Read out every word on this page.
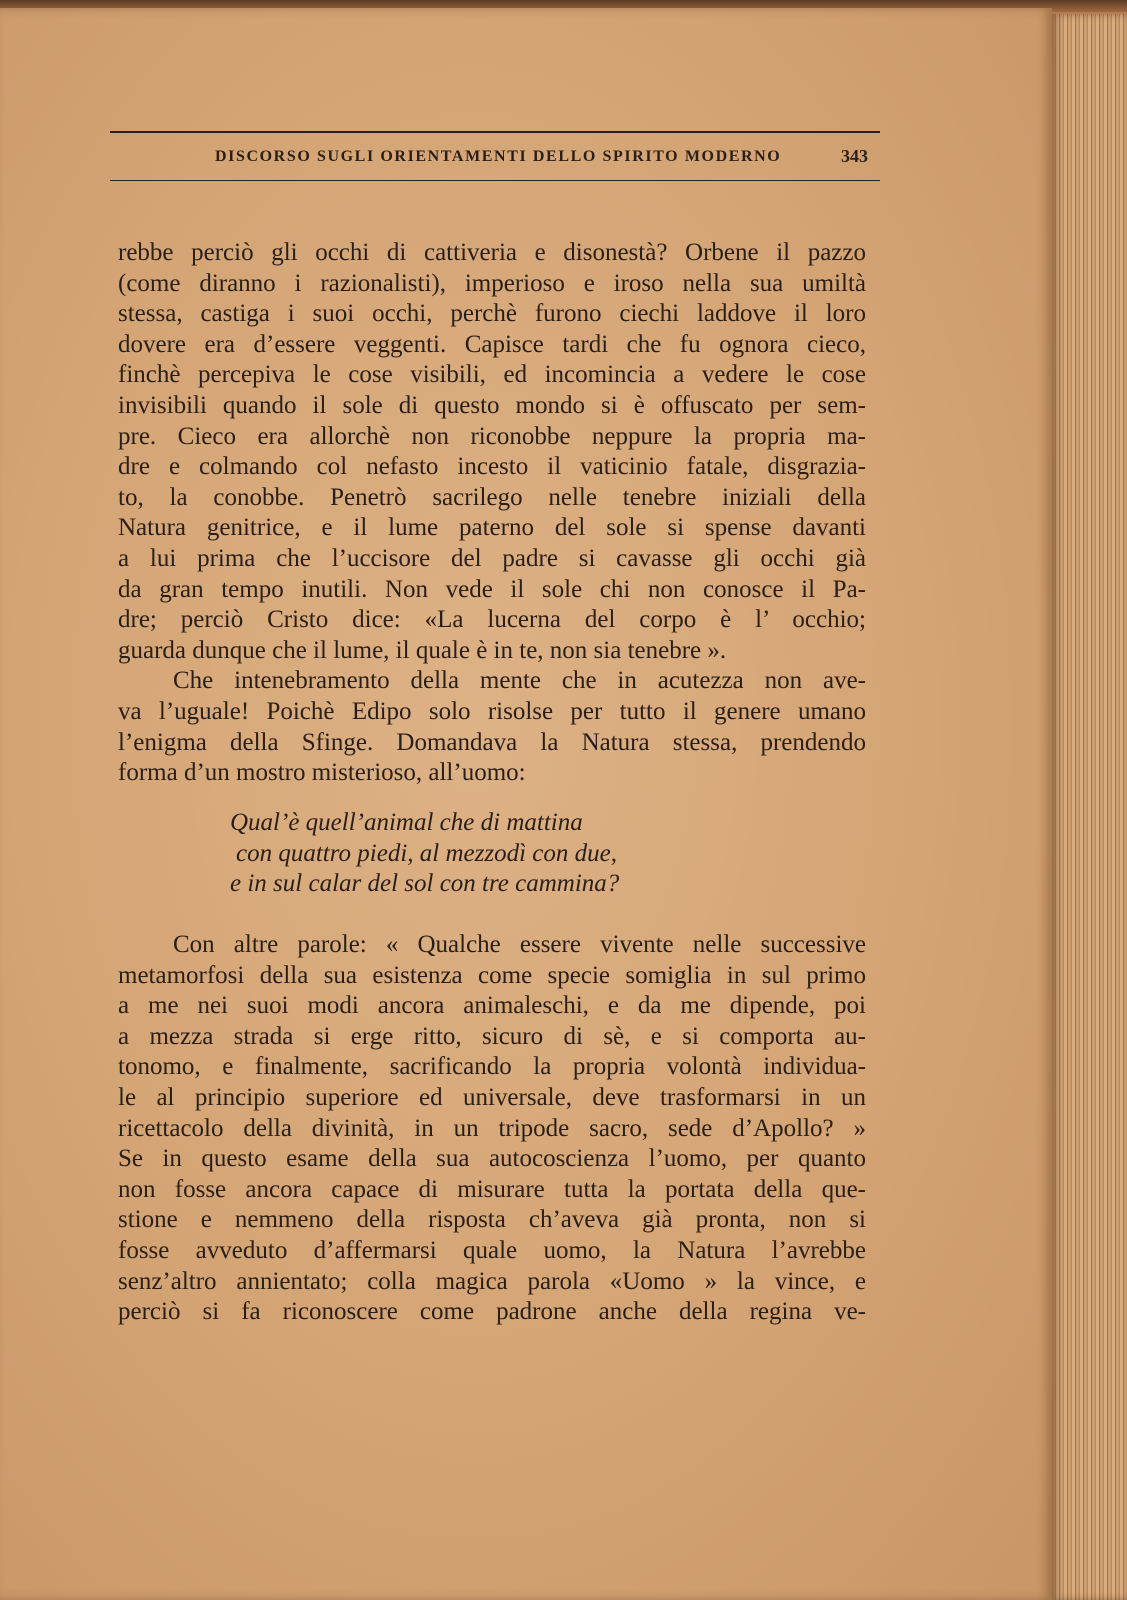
DISCORSO SUGLI ORIENTAMENTI DELLO SPIRITO MODERNO	343
rebbe perciò gli occhi di cattiveria e disonestà? Orbene il pazzo
(come diranno i razionalisti), imperioso e iroso nella sua umiltà
stessa, castiga i suoi occhi, perchè furono ciechi laddove il loro
dovere era d’essere veggenti. Capisce tardi che fu ognora cieco,
finchè percepiva le cose visibili, ed incomincia a vedere le cose
invisibili quando il sole di questo mondo si è offuscato per sem-
pre. Cieco era allorchè non riconobbe neppure la propria ma-
dre e colmando col nefasto incesto il vaticinio fatale, disgrazia-
to, la conobbe. Penetrò sacrilego nelle tenebre iniziali della
Natura genitrice, e il lume paterno del sole si spense davanti
a lui prima che l’uccisore del padre si cavasse gli occhi già
da gran tempo inutili. Non vede il sole chi non conosce il Pa-
dre; perciò Cristo dice: «La lucerna del corpo è l’ occhio;
guarda dunque che il lume, il quale è in te, non sia tenebre ».
Che intenebramento della mente che in acutezza non ave-
va l’uguale! Poichè Edipo solo risolse per tutto il genere umano
l’enigma della Sfinge. Domandava la Natura stessa, prendendo
forma d’un mostro misterioso, all’uomo:
Qual’è quell’animal che di mattina
con quattro piedi, al mezzodì con due,
e in sul calar del sol con tre cammina?
Con altre parole: « Qualche essere vivente nelle successive
metamorfosi della sua esistenza come specie somiglia in sul primo
a me nei suoi modi ancora animaleschi, e da me dipende, poi
a mezza strada si erge ritto, sicuro di sè, e si comporta au-
tonomo, e finalmente, sacrificando la propria volontà individua-
le al principio superiore ed universale, deve trasformarsi in un
ricettacolo della divinità, in un tripode sacro, sede d’Apollo? »
Se in questo esame della sua autocoscienza l’uomo, per quanto
non fosse ancora capace di misurare tutta la portata della que-
stione e nemmeno della risposta ch’aveva già pronta, non si
fosse avveduto d’affermarsi quale uomo, la Natura l’avrebbe
senz’altro annientato; colla magica parola «Uomo » la vince, e
perciò si fa riconoscere come padrone anche della regina ve-
